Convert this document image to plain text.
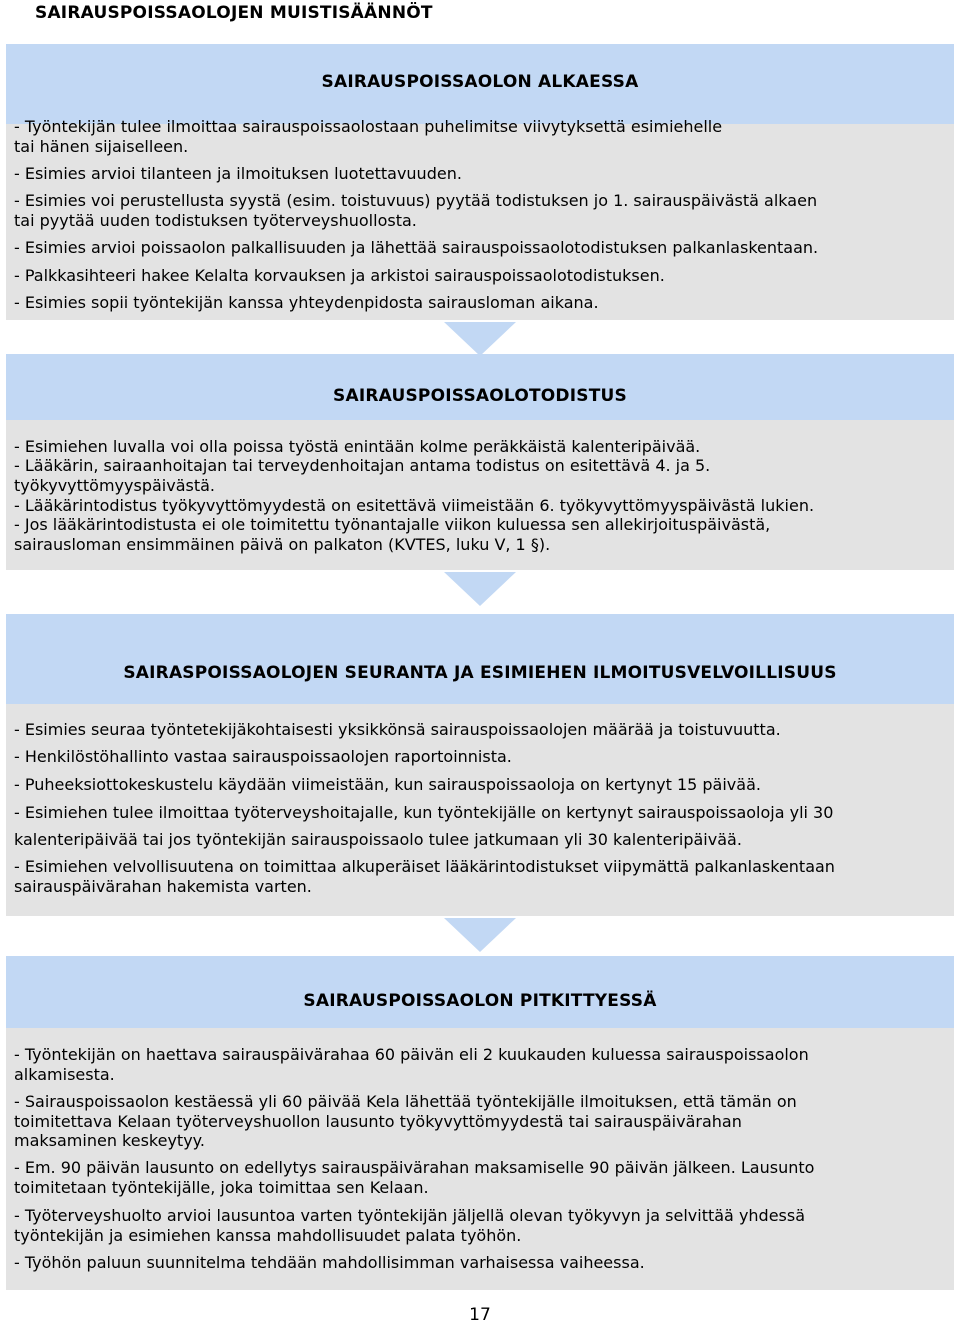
SAIRAUSPOISSAOLOJEN MUISTISÄÄNNÖT
SAIRAUSPOISSAOLON ALKAESSA
- Työntekijän tulee ilmoittaa sairauspoissaolostaan puhelimitse viivytyksettä esimiehelle
tai hänen sijaiselleen.
- Esimies arvioi tilanteen ja ilmoituksen luotettavuuden.
- Esimies voi perustellusta syystä (esim. toistuvuus) pyytää todistuksen jo 1. sairauspäivästä alkaen
tai pyytää uuden todistuksen työterveyshuollosta.
- Esimies arvioi poissaolon palkallisuuden ja lähettää sairauspoissaolotodistuksen palkanlaskentaan.
- Palkkasihteeri hakee Kelalta korvauksen ja arkistoi sairauspoissaolotodistuksen.
- Esimies sopii työntekijän kanssa yhteydenpidosta sairausloman aikana.
SAIRAUSPOISSAOLOTODISTUS
- Esimiehen luvalla voi olla poissa työstä enintään kolme peräkkäistä kalenteripäivää.
- Lääkärin, sairaanhoitajan tai terveydenhoitajan antama todistus on esitettävä 4. ja 5.
työkyvyttömyyspäivästä.
- Lääkärintodistus työkyvyttömyydestä on esitettävä viimeistään 6. työkyvyttömyyspäivästä lukien.
- Jos lääkärintodistusta ei ole toimitettu työnantajalle viikon kuluessa sen allekirjoituspäivästä,
sairausloman ensimmäinen päivä on palkaton (KVTES, luku V, 1 §).
SAIRASPOISSAOLOJEN SEURANTA JA ESIMIEHEN ILMOITUSVELVOILLISUUS
- Esimies seuraa työntetekijäkohtaisesti yksikkönsä sairauspoissaolojen määrää ja toistuvuutta.
- Henkilöstöhallinto vastaa sairauspoissaolojen raportoinnista.
- Puheeksiottokeskustelu käydään viimeistään, kun sairauspoissaoloja on kertynyt 15 päivää.
- Esimiehen tulee ilmoittaa työterveyshoitajalle, kun työntekijälle on kertynyt sairauspoissaoloja yli 30
kalenteripäivää tai jos työntekijän sairauspoissaolo tulee jatkumaan yli 30 kalenteripäivää.
- Esimiehen velvollisuutena on toimittaa alkuperäiset lääkärintodistukset viipymättä palkanlaskentaan
sairauspäivärahan hakemista varten.
SAIRAUSPOISSAOLON PITKITTYESSÄ
- Työntekijän on haettava sairauspäivärahaa 60 päivän eli 2 kuukauden kuluessa sairauspoissaolon
alkamisesta.
- Sairauspoissaolon kestäessä yli 60 päivää Kela lähettää työntekijälle ilmoituksen, että tämän on
toimitettava Kelaan työterveyshuollon lausunto työkyvyttömyydestä tai sairauspäivärahan
maksaminen keskeytyy.
- Em. 90 päivän lausunto on edellytys sairauspäivärahan maksamiselle 90 päivän jälkeen. Lausunto
toimitetaan työntekijälle, joka toimittaa sen Kelaan.
- Työterveyshuolto arvioi lausuntoa varten työntekijän jäljellä olevan työkyvyn ja selvittää yhdessä
työntekijän ja esimiehen kanssa mahdollisuudet palata työhön.
- Työhön paluun suunnitelma tehdään mahdollisimman varhaisessa vaiheessa.
17
